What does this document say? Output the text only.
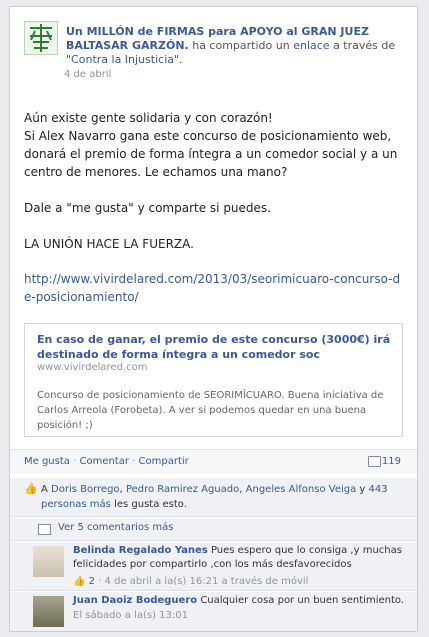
Un MILLÓN de FIRMAS para APOYO al GRAN JUEZ BALTASAR GARZÓN. ha compartido un enlace a través de "Contra la Injusticia".
4 de abril
Aún existe gente solidaria y con corazón!
Si Alex Navarro gana este concurso de posicionamiento web, donará el premio de forma íntegra a un comedor social y a un centro de menores. Le echamos una mano?

Dale a "me gusta" y comparte si puedes.

LA UNIÓN HACE LA FUERZA.
http://www.vivirdelared.com/2013/03/seorimicuaro-concurso-de-posicionamiento/
En caso de ganar, el premio de este concurso (3000€) irá destinado de forma íntegra a un comedor soc
www.vivirdelared.com
Concurso de posicionamiento de SEORIMÍCUARO. Buena iniciativa de Carlos Arreola (Forobeta). A ver si podemos quedar en una buena posición! ;)
Me gusta · Comentar · Compartir	119
👍 A Doris Borrego, Pedro Ramirez Aguado, Angeles Alfonso Veiga y 443 personas más les gusta esto.
Ver 5 comentarios más
Belinda Regalado Yanes Pues espero que lo consiga ,y muchas felicidades por compartirlo ,con los más desfavorecidos
👍 2 · 4 de abril a la(s) 16:21 a través de móvil
Juan Daoiz Bodeguero Cualquier cosa por un buen sentimiento.
El sábado a la(s) 13:01
